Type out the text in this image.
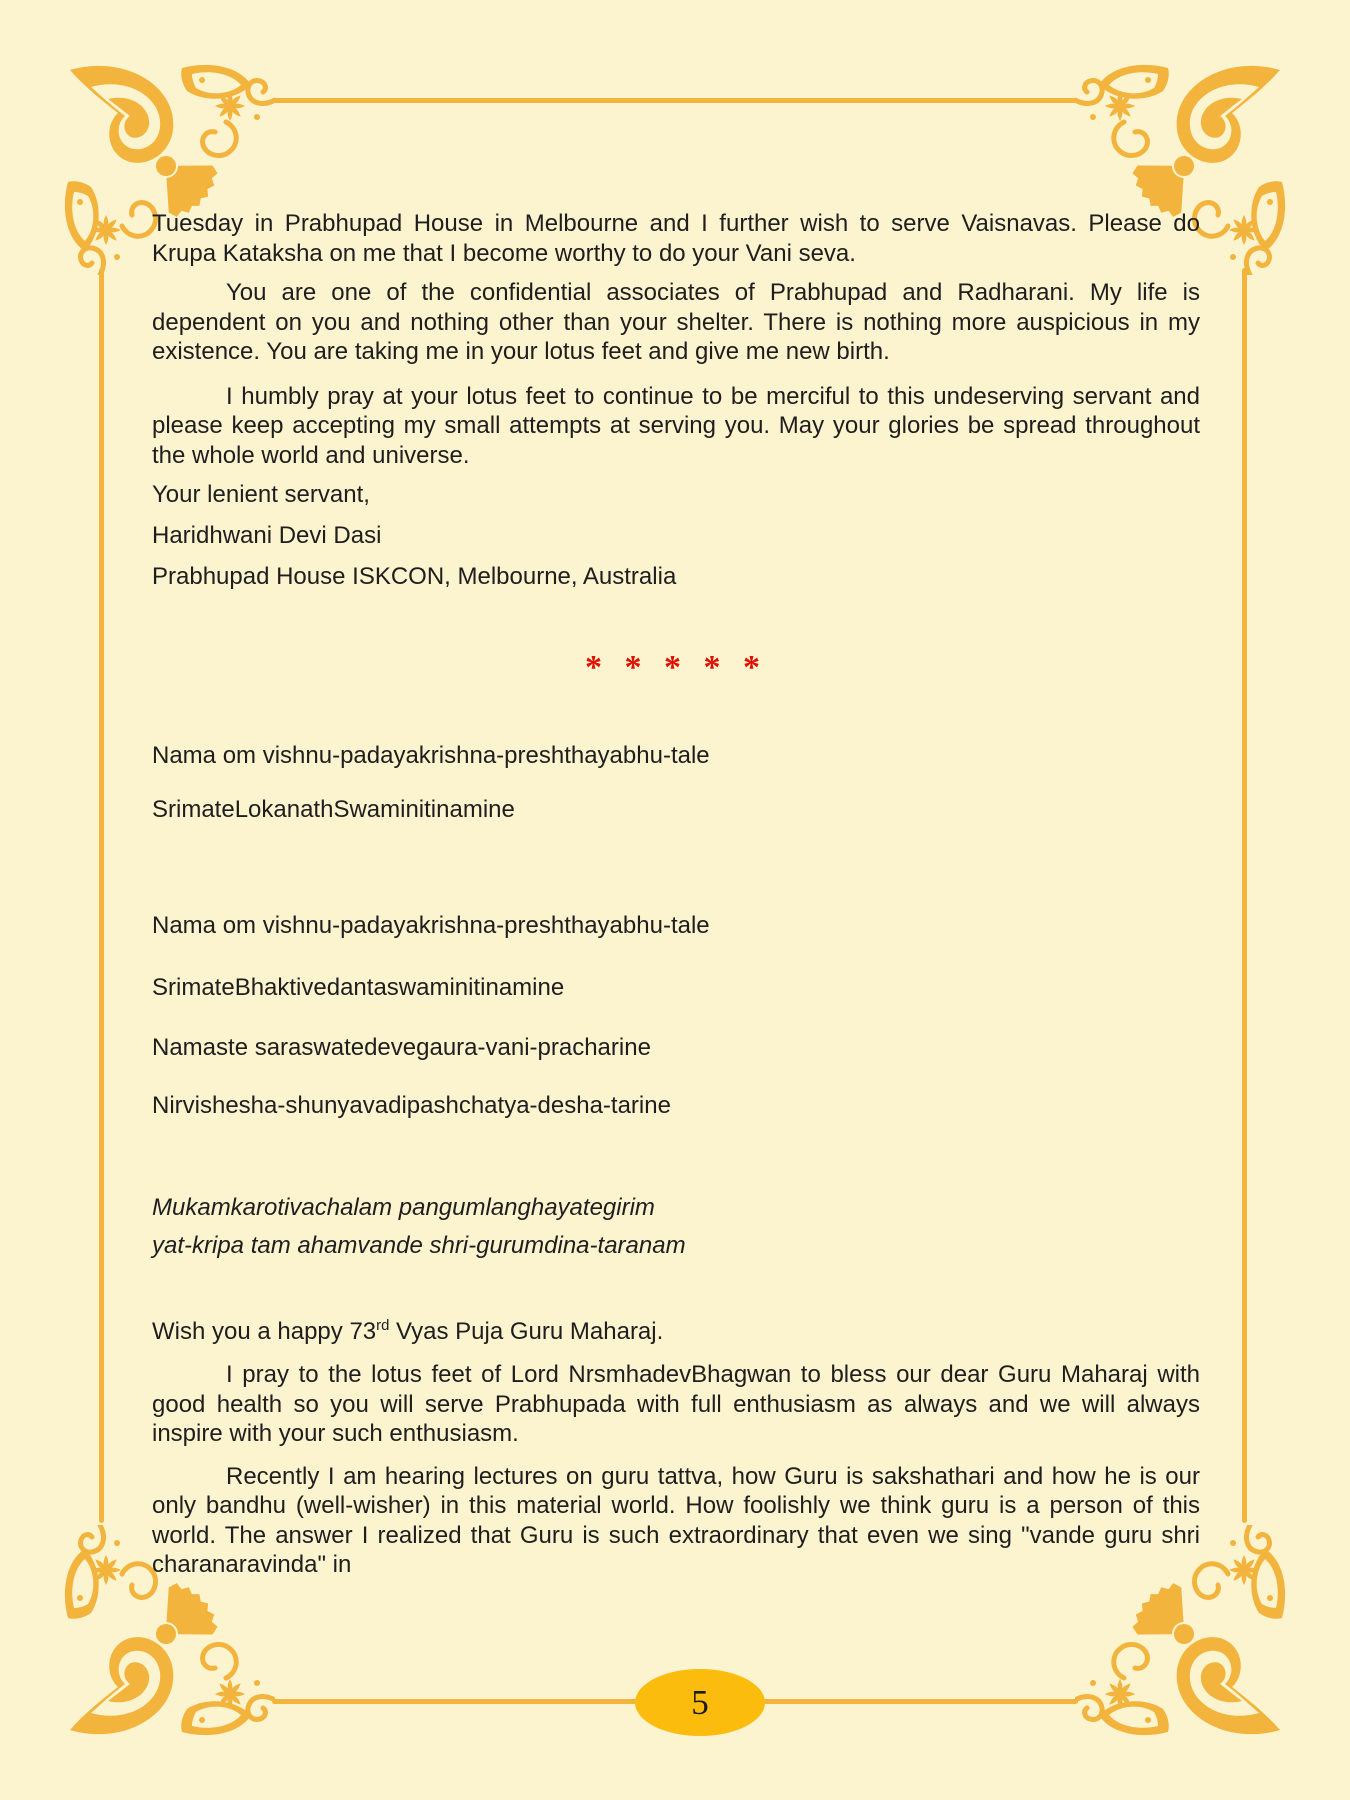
Tuesday in Prabhupad House in Melbourne and I further wish to serve Vaisnavas. Please do Krupa Kataksha on me that I become worthy to do your Vani seva.

You are one of the confidential associates of Prabhupad and Radharani. My life is dependent on you and nothing other than your shelter. There is nothing more auspicious in my existence. You are taking me in your lotus feet and give me new birth.

I humbly pray at your lotus feet to continue to be merciful to this undeserving servant and please keep accepting my small attempts at serving you. May your glories be spread throughout the whole world and universe.

Your lenient servant,

Haridhwani Devi Dasi

Prabhupad House ISKCON, Melbourne, Australia

* * * * *

Nama om vishnu-padayakrishna-preshthayabhu-tale

SrimateLokanathSwaminitinamine

Nama om vishnu-padayakrishna-preshthayabhu-tale

SrimateBhaktivedantaswaminitinamine

Namaste saraswatedevegaura-vani-pracharine

Nirvishesha-shunyavadipashchatya-desha-tarine

Mukamkarotivachalam pangumlanghayategirim

yat-kripa tam ahamvande shri-gurumdina-taranam

Wish you a happy 73rd Vyas Puja Guru Maharaj.

I pray to the lotus feet of Lord NrsmhadevBhagwan to bless our dear Guru Maharaj with good health so you will serve Prabhupada with full enthusiasm as always and we will always inspire with your such enthusiasm.

Recently I am hearing lectures on guru tattva, how Guru is sakshathari and how he is our only bandhu (well-wisher) in this material world. How foolishly we think guru is a person of this world. The answer I realized that Guru is such extraordinary that even we sing "vande guru shri charanaravinda" in

5
